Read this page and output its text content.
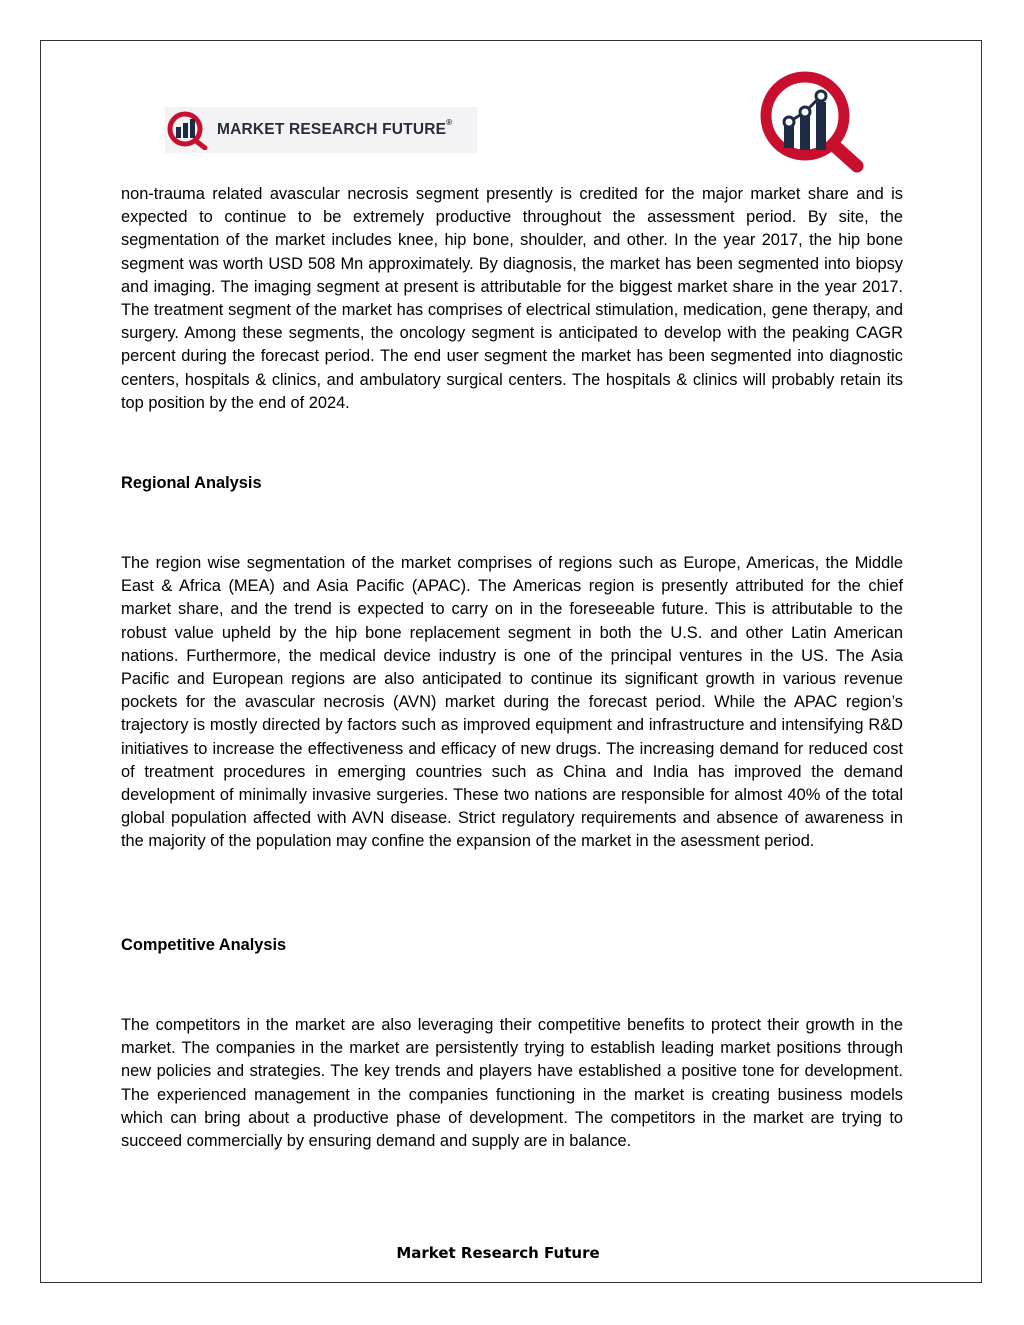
MARKET RESEARCH FUTURE®

non-trauma related avascular necrosis segment presently is credited for the major market share and is expected to continue to be extremely productive throughout the assessment period. By site, the segmentation of the market includes knee, hip bone, shoulder, and other. In the year 2017, the hip bone segment was worth USD 508 Mn approximately. By diagnosis, the market has been segmented into biopsy and imaging. The imaging segment at present is attributable for the biggest market share in the year 2017. The treatment segment of the market has comprises of electrical stimulation, medication, gene therapy, and surgery. Among these segments, the oncology segment is anticipated to develop with the peaking CAGR percent during the forecast period. The end user segment the market has been segmented into diagnostic centers, hospitals & clinics, and ambulatory surgical centers. The hospitals & clinics will probably retain its top position by the end of 2024.

Regional Analysis

The region wise segmentation of the market comprises of regions such as Europe, Americas, the Middle East & Africa (MEA) and Asia Pacific (APAC). The Americas region is presently attributed for the chief market share, and the trend is expected to carry on in the foreseeable future. This is attributable to the robust value upheld by the hip bone replacement segment in both the U.S. and other Latin American nations. Furthermore, the medical device industry is one of the principal ventures in the US. The Asia Pacific and European regions are also anticipated to continue its significant growth in various revenue pockets for the avascular necrosis (AVN) market during the forecast period. While the APAC region’s trajectory is mostly directed by factors such as improved equipment and infrastructure and intensifying R&D initiatives to increase the effectiveness and efficacy of new drugs. The increasing demand for reduced cost of treatment procedures in emerging countries such as China and India has improved the demand development of minimally invasive surgeries. These two nations are responsible for almost 40% of the total global population affected with AVN disease. Strict regulatory requirements and absence of awareness in the majority of the population may confine the expansion of the market in the asessment period.

Competitive Analysis

The competitors in the market are also leveraging their competitive benefits to protect their growth in the market. The companies in the market are persistently trying to establish leading market positions through new policies and strategies. The key trends and players have established a positive tone for development. The experienced management in the companies functioning in the market is creating business models which can bring about a productive phase of development. The competitors in the market are trying to succeed commercially by ensuring demand and supply are in balance.

Market Research Future
